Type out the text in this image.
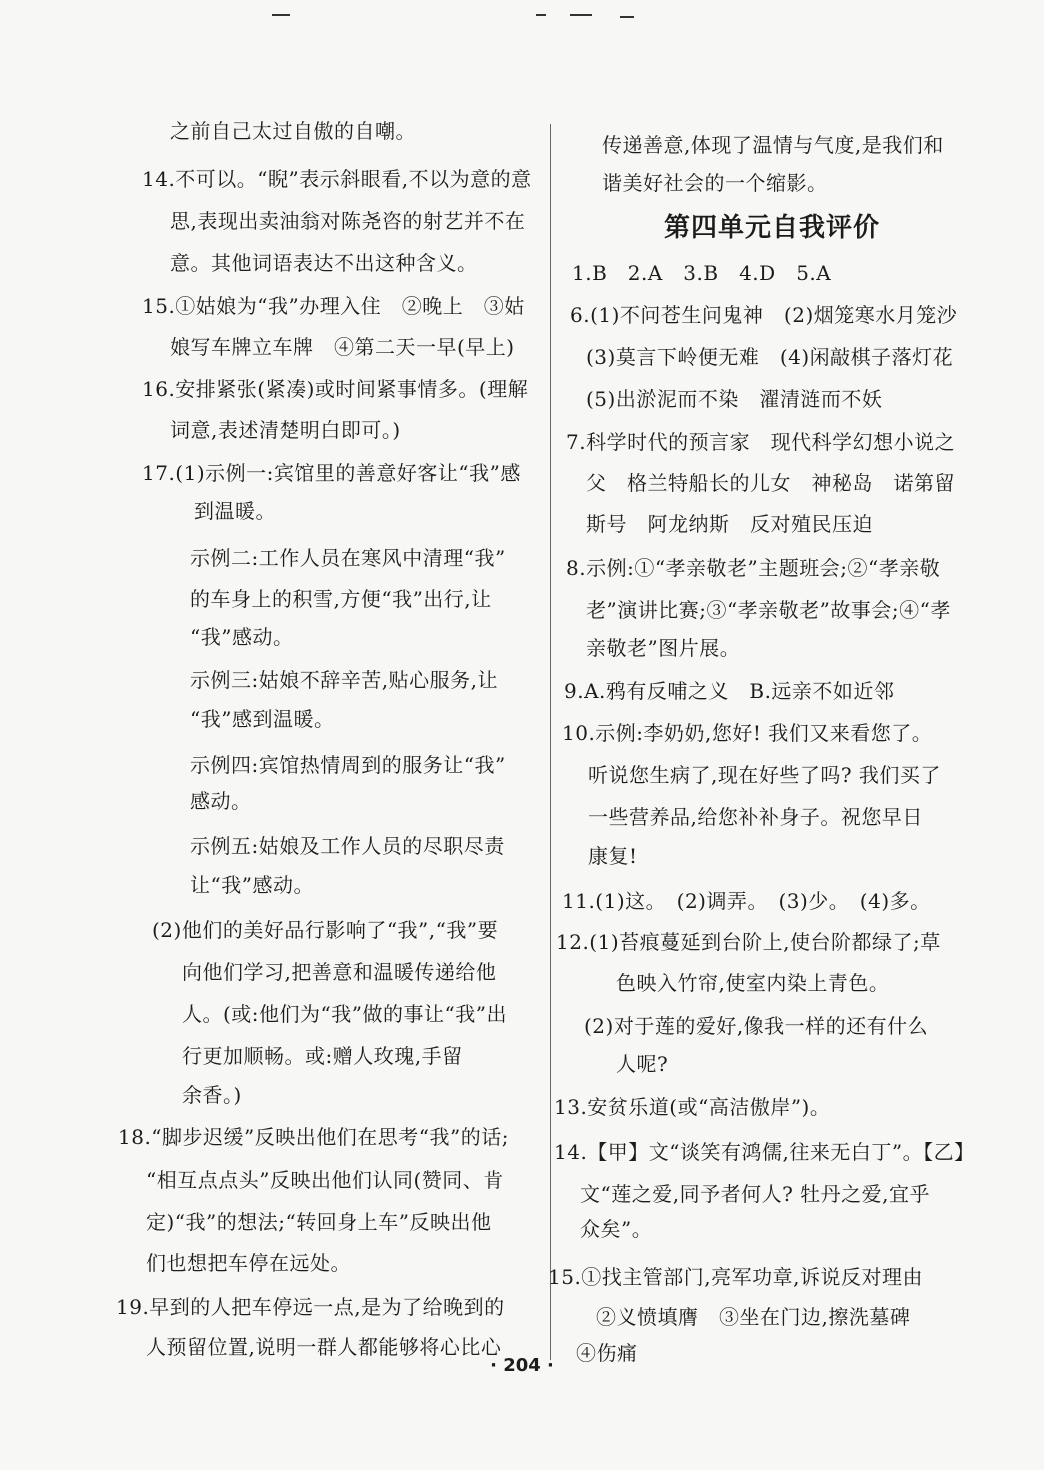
之前自己太过自傲的自嘲。
14.不可以。“睨”表示斜眼看,不以为意的意
思,表现出卖油翁对陈尧咨的射艺并不在
意。其他词语表达不出这种含义。
15.①姑娘为“我”办理入住　②晚上　③姑
娘写车牌立车牌　④第二天一早(早上)
16.安排紧张(紧凑)或时间紧事情多。(理解
词意,表述清楚明白即可。)
17.(1)示例一:宾馆里的善意好客让“我”感
到温暖。
示例二:工作人员在寒风中清理“我”
的车身上的积雪,方便“我”出行,让
“我”感动。
示例三:姑娘不辞辛苦,贴心服务,让
“我”感到温暖。
示例四:宾馆热情周到的服务让“我”
感动。
示例五:姑娘及工作人员的尽职尽责
让“我”感动。
(2)他们的美好品行影响了“我”,“我”要
向他们学习,把善意和温暖传递给他
人。(或:他们为“我”做的事让“我”出
行更加顺畅。或:赠人玫瑰,手留
余香。)
18.“脚步迟缓”反映出他们在思考“我”的话;
“相互点点头”反映出他们认同(赞同、肯
定)“我”的想法;“转回身上车”反映出他
们也想把车停在远处。
19.早到的人把车停远一点,是为了给晚到的
人预留位置,说明一群人都能够将心比心
传递善意,体现了温情与气度,是我们和
谐美好社会的一个缩影。
第四单元自我评价
1.B　2.A　3.B　4.D　5.A
6.(1)不问苍生问鬼神　(2)烟笼寒水月笼沙
(3)莫言下岭便无难　(4)闲敲棋子落灯花
(5)出淤泥而不染　濯清涟而不妖
7.科学时代的预言家　现代科学幻想小说之
父　格兰特船长的儿女　神秘岛　诺第留
斯号　阿龙纳斯　反对殖民压迫
8.示例:①“孝亲敬老”主题班会;②“孝亲敬
老”演讲比赛;③“孝亲敬老”故事会;④“孝
亲敬老”图片展。
9.A.鸦有反哺之义　B.远亲不如近邻
10.示例:李奶奶,您好! 我们又来看您了。
听说您生病了,现在好些了吗? 我们买了
一些营养品,给您补补身子。祝您早日
康复!
11.(1)这。　(2)调弄。　(3)少。　(4)多。
12.(1)苔痕蔓延到台阶上,使台阶都绿了;草
色映入竹帘,使室内染上青色。
(2)对于莲的爱好,像我一样的还有什么
人呢?
13.安贫乐道(或“高洁傲岸”)。
14.【甲】文“谈笑有鸿儒,往来无白丁”。【乙】
文“莲之爱,同予者何人? 牡丹之爱,宜乎
众矣”。
15.①找主管部门,亮军功章,诉说反对理由
②义愤填膺　③坐在门边,擦洗墓碑
④伤痛
· 204 ·
